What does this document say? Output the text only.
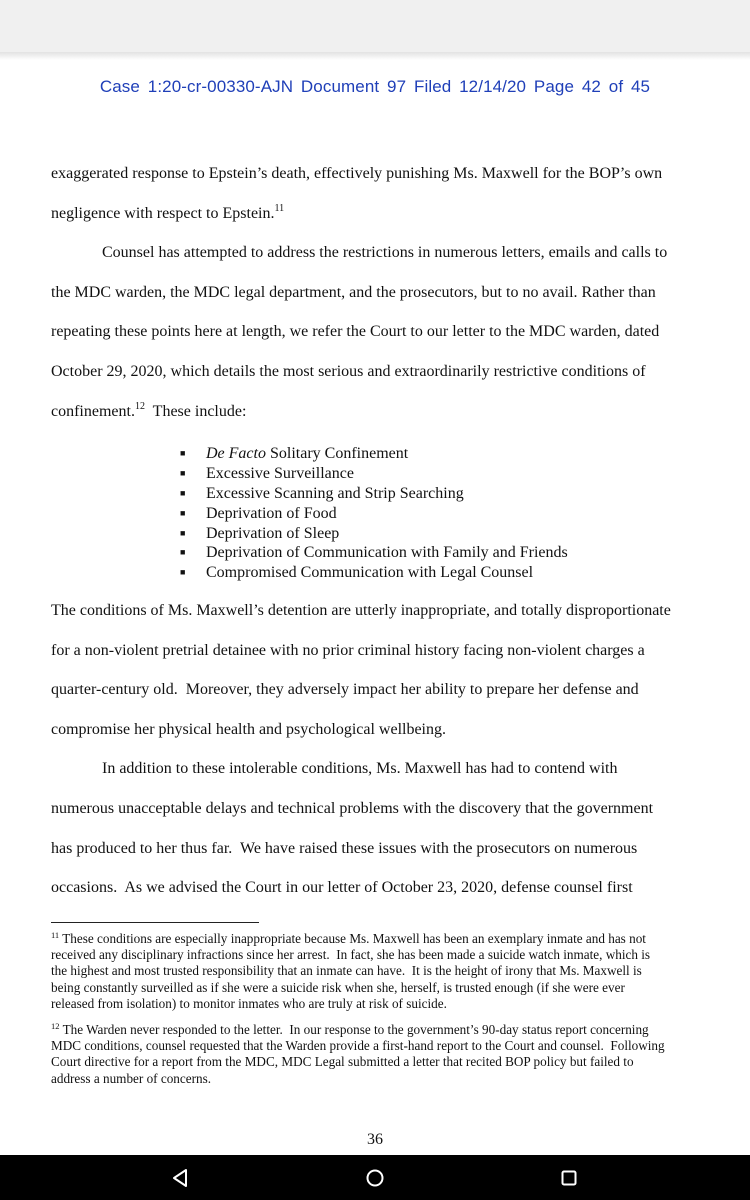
Case 1:20-cr-00330-AJN Document 97 Filed 12/14/20 Page 42 of 45
exaggerated response to Epstein’s death, effectively punishing Ms. Maxwell for the BOP’s own
negligence with respect to Epstein.$^{11}$
Counsel has attempted to address the restrictions in numerous letters, emails and calls to
the MDC warden, the MDC legal department, and the prosecutors, but to no avail. Rather than
repeating these points here at length, we refer the Court to our letter to the MDC warden, dated
October 29, 2020, which details the most serious and extraordinarily restrictive conditions of
confinement.$^{12}$  These include:
■ De Facto Solitary Confinement
■ Excessive Surveillance
■ Excessive Scanning and Strip Searching
■ Deprivation of Food
■ Deprivation of Sleep
■ Deprivation of Communication with Family and Friends
■ Compromised Communication with Legal Counsel
The conditions of Ms. Maxwell’s detention are utterly inappropriate, and totally disproportionate
for a non-violent pretrial detainee with no prior criminal history facing non-violent charges a
quarter-century old.  Moreover, they adversely impact her ability to prepare her defense and
compromise her physical health and psychological wellbeing.
In addition to these intolerable conditions, Ms. Maxwell has had to contend with
numerous unacceptable delays and technical problems with the discovery that the government
has produced to her thus far.  We have raised these issues with the prosecutors on numerous
occasions.  As we advised the Court in our letter of October 23, 2020, defense counsel first
$^{11}$ These conditions are especially inappropriate because Ms. Maxwell has been an exemplary inmate and has not
received any disciplinary infractions since her arrest.  In fact, she has been made a suicide watch inmate, which is
the highest and most trusted responsibility that an inmate can have.  It is the height of irony that Ms. Maxwell is
being constantly surveilled as if she were a suicide risk when she, herself, is trusted enough (if she were ever
released from isolation) to monitor inmates who are truly at risk of suicide.
$^{12}$ The Warden never responded to the letter.  In our response to the government’s 90-day status report concerning
MDC conditions, counsel requested that the Warden provide a first-hand report to the Court and counsel.  Following
Court directive for a report from the MDC, MDC Legal submitted a letter that recited BOP policy but failed to
address a number of concerns.
36
